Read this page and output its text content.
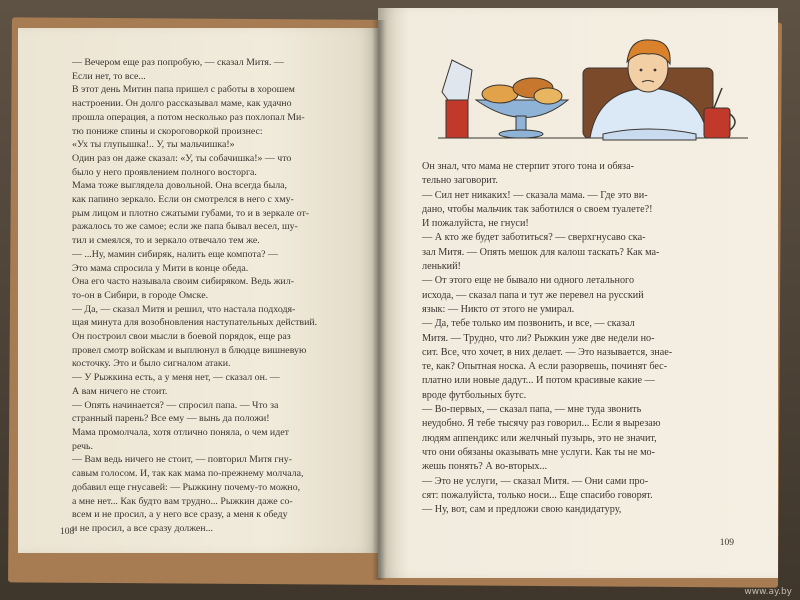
— Вечером еще раз попробую, — сказал Митя. —

Если нет, то все...

В этот день Митин папа пришел с работы в хорошем

настроении. Он долго рассказывал маме, как удачно

прошла операция, а потом несколько раз похлопал Ми-

тю пониже спины и скороговоркой произнес:

«Ух ты глупышка!.. У, ты мальчишка!»

Один раз он даже сказал: «У, ты собачишка!» — что

было у него проявлением полного восторга.

Мама тоже выглядела довольной. Она всегда была,

как папино зеркало. Если он смотрелся в него с хму-

рым лицом и плотно сжатыми губами, то и в зеркале от-

ражалось то же самое; если же папа бывал весел, шу-

тил и смеялся, то и зеркало отвечало тем же.

— ...Ну, мамин сибиряк, налить еще компота? —

Это мама спросила у Мити в конце обеда.

Она его часто называла своим сибиряком. Ведь жил-

то-он в Сибири, в городе Омске.

— Да, — сказал Митя и решил, что настала подходя-

щая минута для возобновления наступательных действий.

Он построил свои мысли в боевой порядок, еще раз

провел смотр войскам и выплюнул в блюдце вишневую

косточку. Это и было сигналом атаки.

— У Рыжкина есть, а у меня нет, — сказал он. —

А вам ничего не стоит.

— Опять начинается? — спросил папа. — Что за

странный парень? Все ему — вынь да положи!

Мама промолчала, хотя отлично поняла, о чем идет

речь.

— Вам ведь ничего не стоит, — повторил Митя гну-

савым голосом. И, так как мама по-прежнему молчала,

добавил еще гнусавей: — Рыжкину почему-то можно,

а мне нет... Как будто вам трудно... Рыжкин даже со-

всем и не просил, а у него все сразу, а меня к обеду

и не просил, а все сразу должен...

108

Он знал, что мама не стерпит этого тона и обяза-

тельно заговорит.

— Сил нет никаких! — сказала мама. — Где это ви-

дано, чтобы мальчик так заботился о своем туалете?!

И пожалуйста, не гнуси!

— А кто же будет заботиться? — сверхгнусаво ска-

зал Митя. — Опять мешок для калош таскать? Как ма-

ленький!

— От этого еще не бывало ни одного летального

исхода, — сказал папа и тут же перевел на русский

язык: — Никто от этого не умирал.

— Да, тебе только им позвонить, и все, — сказал

Митя. — Трудно, что ли? Рыжкин уже две недели но-

сит. Все, что хочет, в них делает. — Это называется, знае-

те, как? Опытная носка. А если разорвешь, починят бес-

платно или новые дадут... И потом красивые какие —

вроде футбольных бутс.

— Во-первых, — сказал папа, — мне туда звонить

неудобно. Я тебе тысячу раз говорил... Если я вырезаю

людям аппендикс или желчный пузырь, это не значит,

что они обязаны оказывать мне услуги. Как ты не мо-

жешь понять? А во-вторых...

— Это не услуги, — сказал Митя. — Они сами про-

сят: пожалуйста, только носи... Еще спасибо говорят.

— Ну, вот, сам и предложи свою кандидатуру,

109
www.ay.by
